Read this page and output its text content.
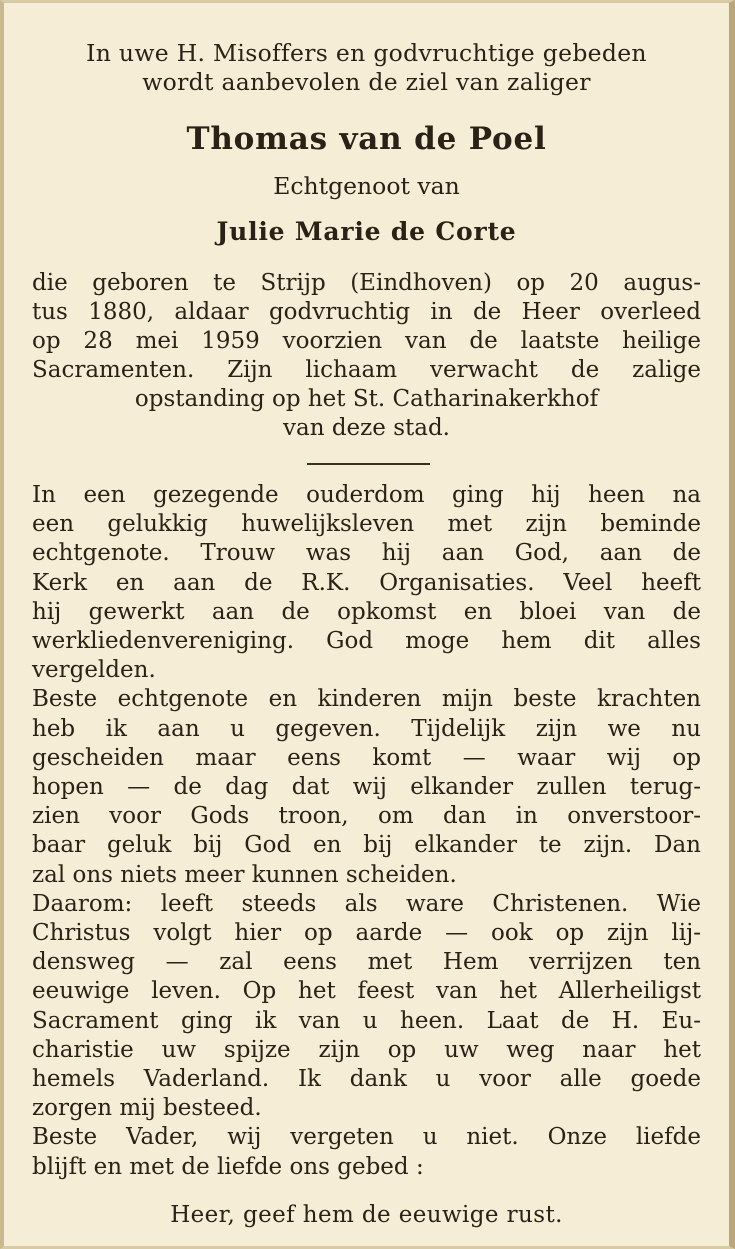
In uwe H. Misoffers en godvruchtige gebeden
wordt aanbevolen de ziel van zaliger
Thomas van de Poel
Echtgenoot van
Julie Marie de Corte
die geboren te Strijp (Eindhoven) op 20 augus-
tus 1880, aldaar godvruchtig in de Heer overleed
op 28 mei 1959 voorzien van de laatste heilige
Sacramenten. Zijn lichaam verwacht de zalige
opstanding op het St. Catharinakerkhof
van deze stad.
In een gezegende ouderdom ging hij heen na
een gelukkig huwelijksleven met zijn beminde
echtgenote. Trouw was hij aan God, aan de
Kerk en aan de R.K. Organisaties. Veel heeft
hij gewerkt aan de opkomst en bloei van de
werkliedenvereniging. God moge hem dit alles
vergelden.
Beste echtgenote en kinderen mijn beste krachten
heb ik aan u gegeven. Tijdelijk zijn we nu
gescheiden maar eens komt — waar wij op
hopen — de dag dat wij elkander zullen terug-
zien voor Gods troon, om dan in onverstoor-
baar geluk bij God en bij elkander te zijn. Dan
zal ons niets meer kunnen scheiden.
Daarom: leeft steeds als ware Christenen. Wie
Christus volgt hier op aarde — ook op zijn lij-
densweg — zal eens met Hem verrijzen ten
eeuwige leven. Op het feest van het Allerheiligst
Sacrament ging ik van u heen. Laat de H. Eu-
charistie uw spijze zijn op uw weg naar het
hemels Vaderland. Ik dank u voor alle goede
zorgen mij besteed.
Beste Vader, wij vergeten u niet. Onze liefde
blijft en met de liefde ons gebed :
Heer, geef hem de eeuwige rust.
